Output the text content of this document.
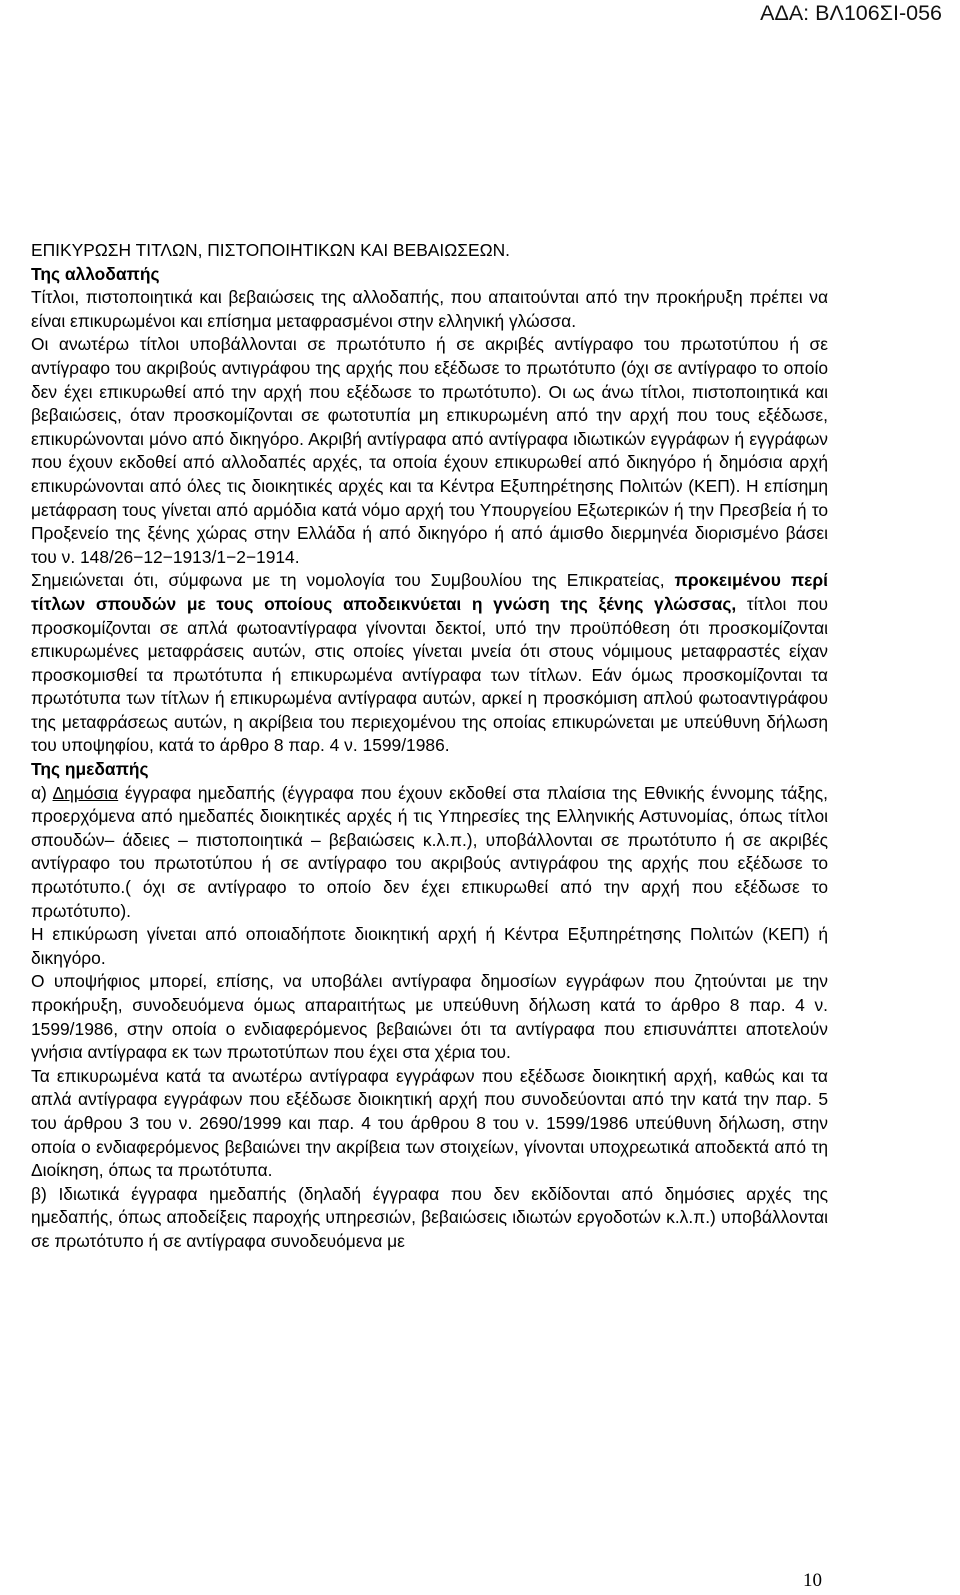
ΑΔΑ: ΒΛ106ΣΙ-056

ΕΠΙΚΥΡΩΣΗ ΤΙΤΛΩΝ, ΠΙΣΤΟΠΟΙΗΤΙΚΩΝ ΚΑΙ ΒΕΒΑΙΩΣΕΩΝ.

Της αλλοδαπής

Τίτλοι, πιστοποιητικά και βεβαιώσεις της αλλοδαπής, που απαιτούνται από την προκήρυξη πρέπει να είναι επικυρωμένοι και επίσημα μεταφρασμένοι στην ελληνική γλώσσα.

Οι ανωτέρω τίτλοι υποβάλλονται σε πρωτότυπο ή σε ακριβές αντίγραφο του πρωτοτύπου ή σε αντίγραφο του ακριβούς αντιγράφου της αρχής που εξέδωσε το πρωτότυπο (όχι σε αντίγραφο το οποίο δεν έχει επικυρωθεί από την αρχή που εξέδωσε το πρωτότυπο). Οι ως άνω τίτλοι, πιστοποιητικά και βεβαιώσεις, όταν προσκομίζονται σε φωτοτυπία μη επικυρωμένη από την αρχή που τους εξέδωσε, επικυρώνονται μόνο από δικηγόρο. Ακριβή αντίγραφα από αντίγραφα ιδιωτικών εγγράφων ή εγγράφων που έχουν εκδοθεί από αλλοδαπές αρχές, τα οποία έχουν επικυρωθεί από δικηγόρο ή δημόσια αρχή επικυρώνονται από όλες τις διοικητικές αρχές και τα Κέντρα Εξυπηρέτησης Πολιτών (ΚΕΠ). Η επίσημη μετάφραση τους γίνεται από αρμόδια κατά νόμο αρχή του Υπουργείου Εξωτερικών ή την Πρεσβεία ή το Προξενείο της ξένης χώρας στην Ελλάδα ή από δικηγόρο ή από άμισθο διερμηνέα διορισμένο βάσει του ν. 148/26−12−1913/1−2−1914.

Σημειώνεται ότι, σύμφωνα με τη νομολογία του Συμβουλίου της Επικρατείας, προκειμένου περί τίτλων σπουδών με τους οποίους αποδεικνύεται η γνώση της ξένης γλώσσας, τίτλοι που προσκομίζονται σε απλά φωτοαντίγραφα γίνονται δεκτοί, υπό την προϋπόθεση ότι προσκομίζονται επικυρωμένες μεταφράσεις αυτών, στις οποίες γίνεται μνεία ότι στους νόμιμους μεταφραστές είχαν προσκομισθεί τα πρωτότυπα ή επικυρωμένα αντίγραφα των τίτλων. Εάν όμως προσκομίζονται τα πρωτότυπα των τίτλων ή επικυρωμένα αντίγραφα αυτών, αρκεί η προσκόμιση απλού φωτοαντιγράφου της μεταφράσεως αυτών, η ακρίβεια του περιεχομένου της οποίας επικυρώνεται με υπεύθυνη δήλωση του υποψηφίου, κατά το άρθρο 8 παρ. 4 ν. 1599/1986.

Της ημεδαπής

α) Δημόσια έγγραφα ημεδαπής (έγγραφα που έχουν εκδοθεί στα πλαίσια της Εθνικής έννομης τάξης, προερχόμενα από ημεδαπές διοικητικές αρχές ή τις Υπηρεσίες της Ελληνικής Αστυνομίας, όπως τίτλοι σπουδών– άδειες – πιστοποιητικά – βεβαιώσεις κ.λ.π.), υποβάλλονται σε πρωτότυπο ή σε ακριβές αντίγραφο του πρωτοτύπου ή σε αντίγραφο του ακριβούς αντιγράφου της αρχής που εξέδωσε το πρωτότυπο.( όχι σε αντίγραφο το οποίο δεν έχει επικυρωθεί από την αρχή που εξέδωσε το πρωτότυπο).

Η επικύρωση γίνεται από οποιαδήποτε διοικητική αρχή ή Κέντρα Εξυπηρέτησης Πολιτών (ΚΕΠ) ή δικηγόρο.

Ο υποψήφιος μπορεί, επίσης, να υποβάλει αντίγραφα δημοσίων εγγράφων που ζητούνται με την προκήρυξη, συνοδευόμενα όμως απαραιτήτως με υπεύθυνη δήλωση κατά το άρθρο 8 παρ. 4 ν. 1599/1986, στην οποία ο ενδιαφερόμενος βεβαιώνει ότι τα αντίγραφα που επισυνάπτει αποτελούν γνήσια αντίγραφα εκ των πρωτοτύπων που έχει στα χέρια του.

Τα επικυρωμένα κατά τα ανωτέρω αντίγραφα εγγράφων που εξέδωσε διοικητική αρχή, καθώς και τα απλά αντίγραφα εγγράφων που εξέδωσε διοικητική αρχή που συνοδεύονται από την κατά την παρ. 5 του άρθρου 3 του ν. 2690/1999 και παρ. 4 του άρθρου 8 του ν. 1599/1986 υπεύθυνη δήλωση, στην οποία ο ενδιαφερόμενος βεβαιώνει την ακρίβεια των στοιχείων, γίνονται υποχρεωτικά αποδεκτά από τη Διοίκηση, όπως τα πρωτότυπα.

β) Ιδιωτικά έγγραφα ημεδαπής (δηλαδή έγγραφα που δεν εκδίδονται από δημόσιες αρχές της ημεδαπής, όπως αποδείξεις παροχής υπηρεσιών, βεβαιώσεις ιδιωτών εργοδοτών κ.λ.π.) υποβάλλονται σε πρωτότυπο ή σε αντίγραφα συνοδευόμενα με

10
